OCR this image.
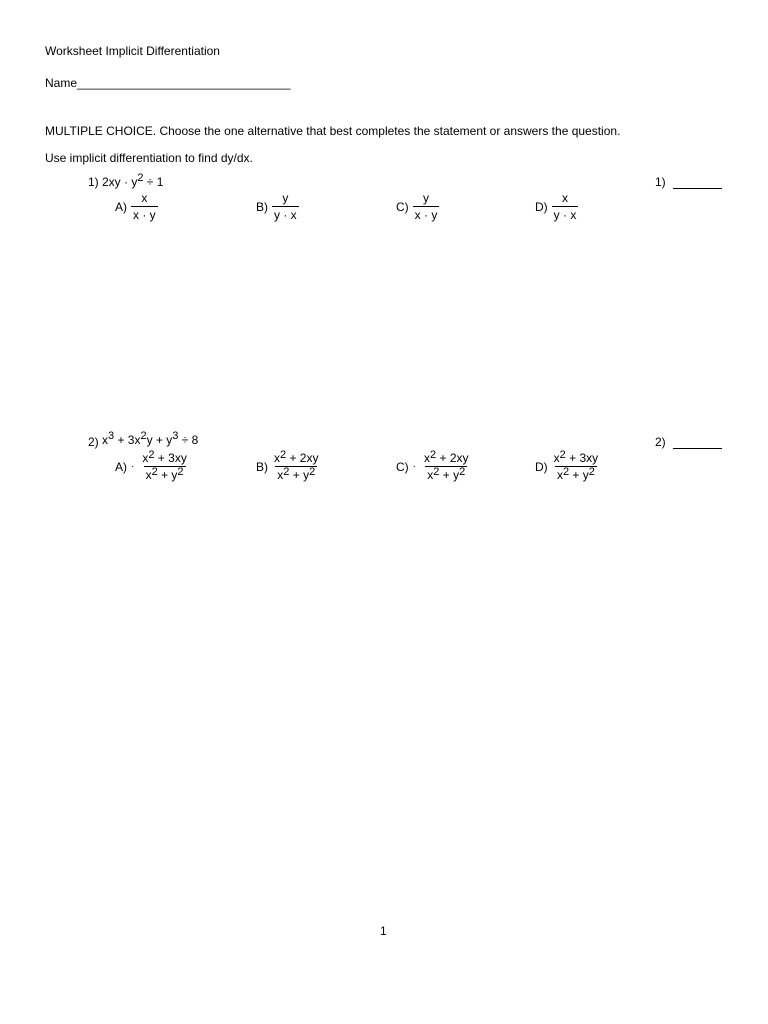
Worksheet Implicit Differentiation
Name________________________________
MULTIPLE CHOICE. Choose the one alternative that best completes the statement or answers the question.
Use implicit differentiation to find dy/dx.
1) $2xy \cdot y^2 \div 1$	1)
$A) \frac{x}{x \cdot y}$	$B) \frac{y}{y \cdot x}$	$C) \frac{y}{x \cdot y}$	$D) \frac{x}{y \cdot x}$
2) $x^3 + 3x^2y + y^3 \div 8$	2)
$A) \cdot \frac{x^2 + 3xy}{x^2 + y^2}$	$B) \frac{x^2 + 2xy}{x^2 + y^2}$	$C) \cdot \frac{x^2 + 2xy}{x^2 + y^2}$	$D) \frac{x^2 + 3xy}{x^2 + y^2}$
1
